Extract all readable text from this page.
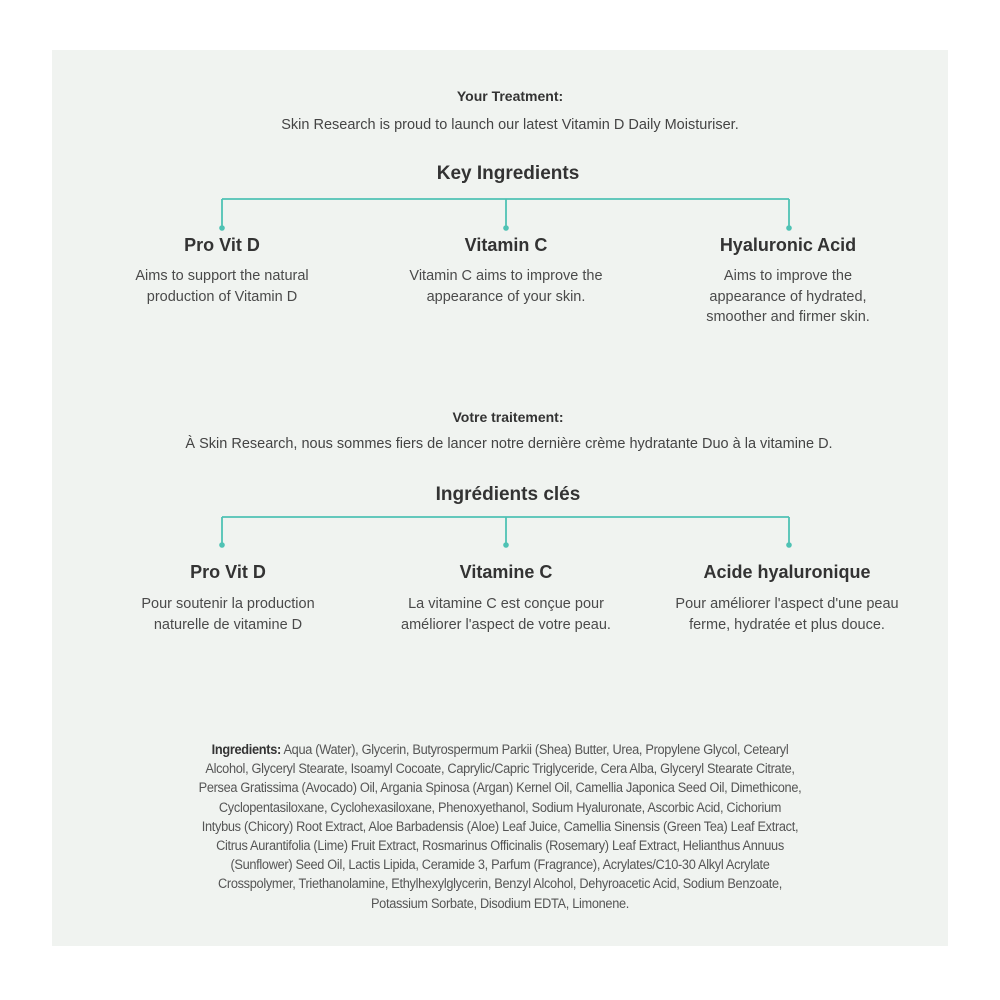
Your Treatment:
Skin Research is proud to launch our latest Vitamin D Daily Moisturiser.
Key Ingredients
Pro Vit D
Aims to support the natural
production of Vitamin D
Vitamin C
Vitamin C aims to improve the
appearance of your skin.
Hyaluronic Acid
Aims to improve the
appearance of hydrated,
smoother and firmer skin.
Votre traitement:
À Skin Research, nous sommes fiers de lancer notre dernière crème hydratante Duo à la vitamine D.
Ingrédients clés
Pro Vit D
Pour soutenir la production
naturelle de vitamine D
Vitamine C
La vitamine C est conçue pour
améliorer l'aspect de votre peau.
Acide hyaluronique
Pour améliorer l'aspect d'une peau
ferme, hydratée et plus douce.
Ingredients: Aqua (Water), Glycerin, Butyrospermum Parkii (Shea) Butter, Urea, Propylene Glycol, Cetearyl
Alcohol, Glyceryl Stearate, Isoamyl Cocoate, Caprylic/Capric Triglyceride, Cera Alba, Glyceryl Stearate Citrate,
Persea Gratissima (Avocado) Oil, Argania Spinosa (Argan) Kernel Oil, Camellia Japonica Seed Oil, Dimethicone,
Cyclopentasiloxane, Cyclohexasiloxane, Phenoxyethanol, Sodium Hyaluronate, Ascorbic Acid, Cichorium
Intybus (Chicory) Root Extract, Aloe Barbadensis (Aloe) Leaf Juice, Camellia Sinensis (Green Tea) Leaf Extract,
Citrus Aurantifolia (Lime) Fruit Extract, Rosmarinus Officinalis (Rosemary) Leaf Extract, Helianthus Annuus
(Sunflower) Seed Oil, Lactis Lipida, Ceramide 3, Parfum (Fragrance), Acrylates/C10-30 Alkyl Acrylate
Crosspolymer, Triethanolamine, Ethylhexylglycerin, Benzyl Alcohol, Dehyroacetic Acid, Sodium Benzoate,
Potassium Sorbate, Disodium EDTA, Limonene.
